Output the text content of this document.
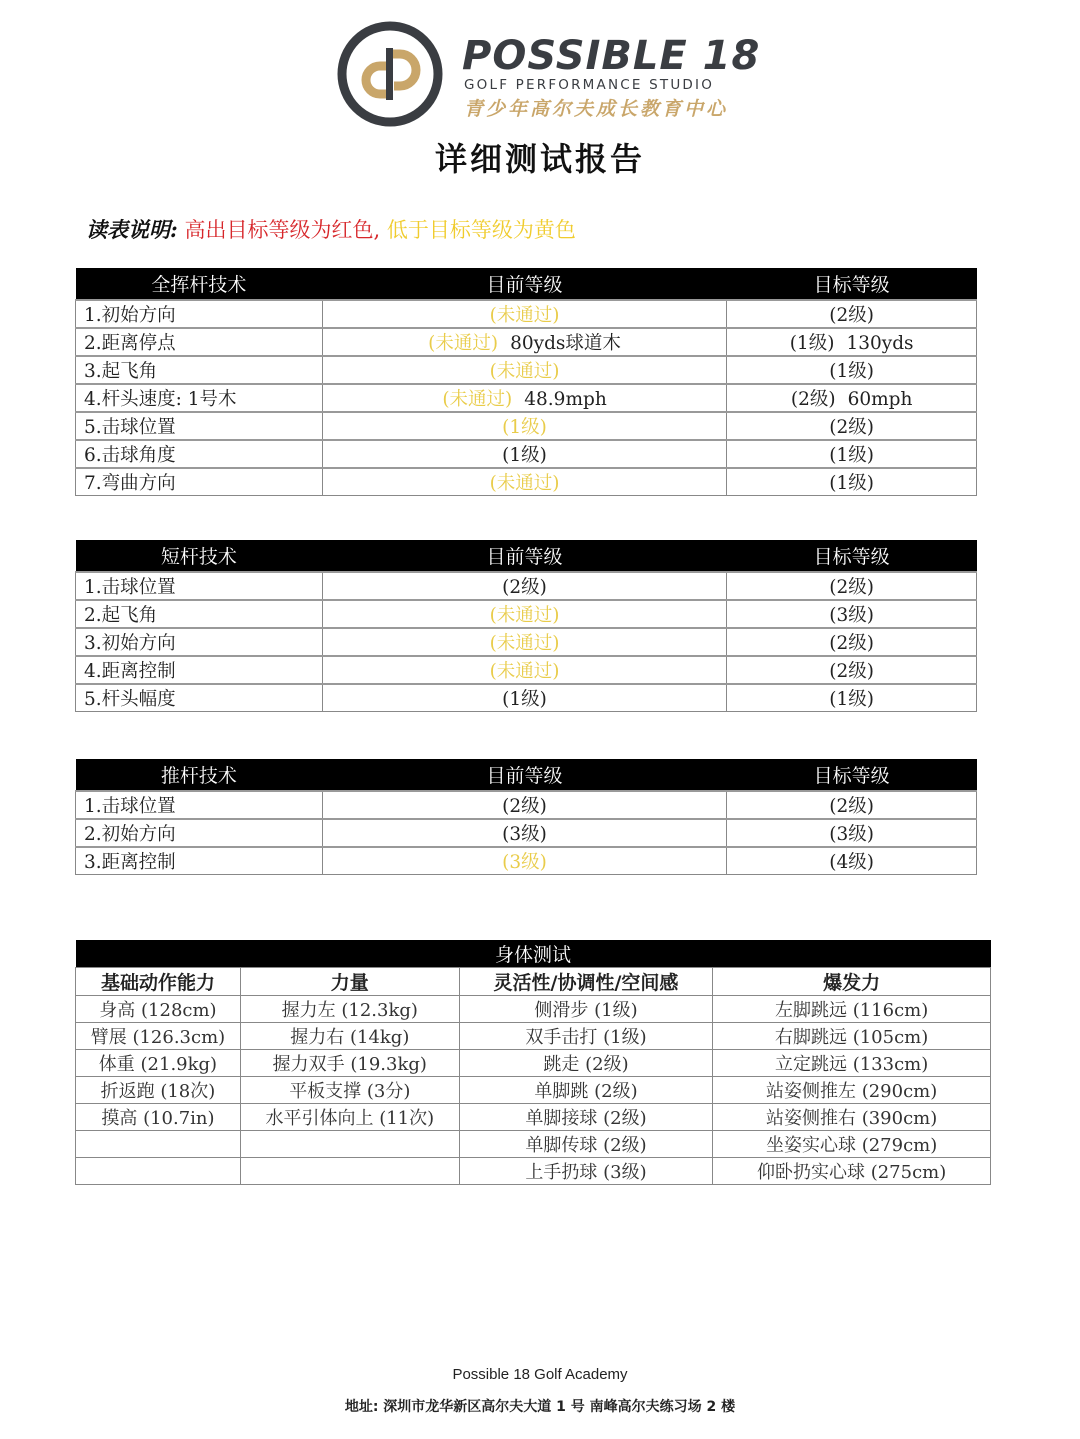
POSSIBLE 18
GOLF PERFORMANCE STUDIO
青少年高尔夫成长教育中心
详细测试报告
读表说明: 高出目标等级为红色, 低于目标等级为黄色
全挥杆技术	目前等级	目标等级
1.初始方向	(未通过)	(2级)
2.距离停点	(未通过) 80yds球道木	(1级) 130yds
3.起飞角	(未通过)	(1级)
4.杆头速度: 1号木	(未通过) 48.9mph	(2级) 60mph
5.击球位置	(1级)	(2级)
6.击球角度	(1级)	(1级)
7.弯曲方向	(未通过)	(1级)
短杆技术	目前等级	目标等级
1.击球位置	(2级)	(2级)
2.起飞角	(未通过)	(3级)
3.初始方向	(未通过)	(2级)
4.距离控制	(未通过)	(2级)
5.杆头幅度	(1级)	(1级)
推杆技术	目前等级	目标等级
1.击球位置	(2级)	(2级)
2.初始方向	(3级)	(3级)
3.距离控制	(3级)	(4级)
身体测试			
基础动作能力	力量	灵活性/协调性/空间感	爆发力
身高 (128cm)	握力左 (12.3kg)	侧滑步 (1级)	左脚跳远 (116cm)
臂展 (126.3cm)	握力右 (14kg)	双手击打 (1级)	右脚跳远 (105cm)
体重 (21.9kg)	握力双手 (19.3kg)	跳走 (2级)	立定跳远 (133cm)
折返跑 (18次)	平板支撑 (3分)	单脚跳 (2级)	站姿侧推左 (290cm)
摸高 (10.7in)	水平引体向上 (11次)	单脚接球 (2级)	站姿侧推右 (390cm)
		单脚传球 (2级)	坐姿实心球 (279cm)
		上手扔球 (3级)	仰卧扔实心球 (275cm)
Possible 18 Golf Academy
地址: 深圳市龙华新区高尔夫大道 1 号 南峰高尔夫练习场 2 楼
